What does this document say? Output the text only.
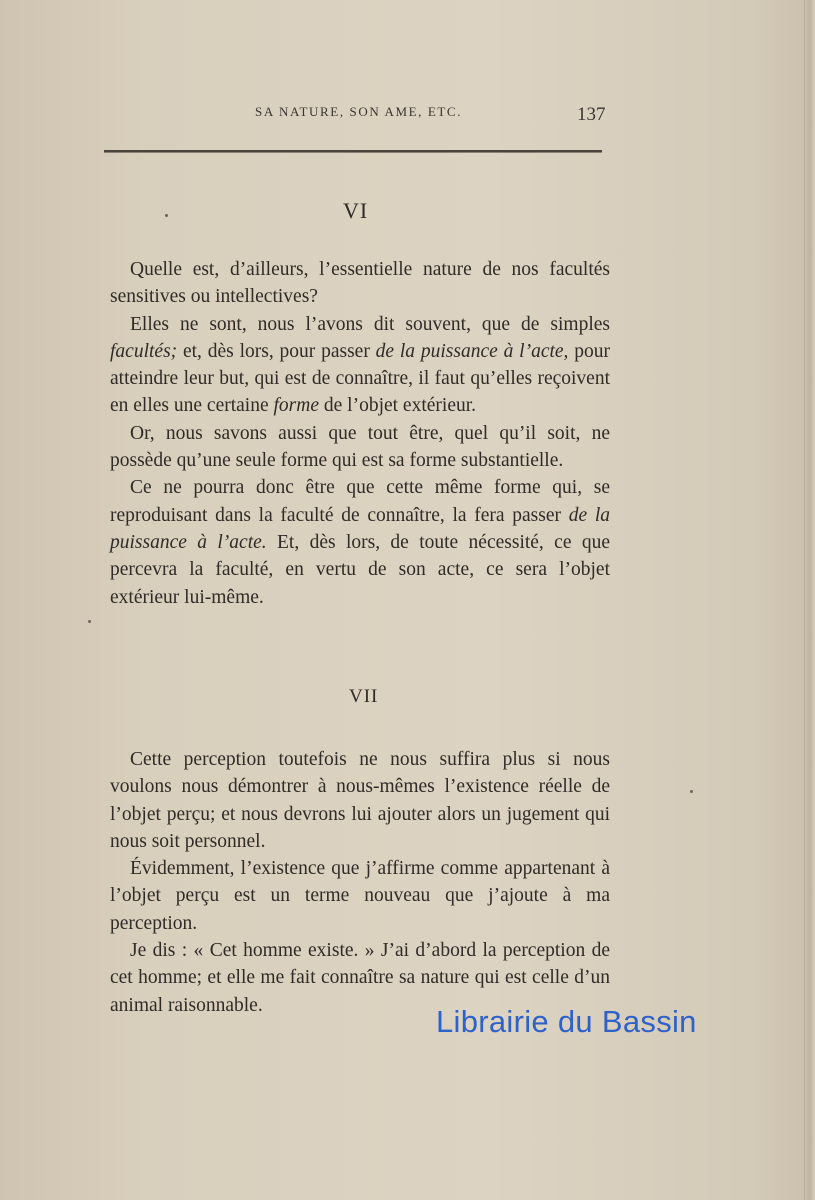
SA NATURE, SON AME, ETC.	137
VI

Quelle est, d’ailleurs, l’essentielle nature de nos facultés sensitives ou intellectives?

Elles ne sont, nous l’avons dit souvent, que de simples facultés; et, dès lors, pour passer de la puissance à l’acte, pour atteindre leur but, qui est de connaître, il faut qu’elles reçoivent en elles une certaine forme de l’objet extérieur.

Or, nous savons aussi que tout être, quel qu’il soit, ne possède qu’une seule forme qui est sa forme substantielle.

Ce ne pourra donc être que cette même forme qui, se reproduisant dans la faculté de connaître, la fera passer de la puissance à l’acte. Et, dès lors, de toute nécessité, ce que percevra la faculté, en vertu de son acte, ce sera l’objet extérieur lui-même.

VII

Cette perception toutefois ne nous suffira plus si nous voulons nous démontrer à nous-mêmes l’existence réelle de l’objet perçu; et nous devrons lui ajouter alors un jugement qui nous soit personnel.

Évidemment, l’existence que j’affirme comme appartenant à l’objet perçu est un terme nouveau que j’ajoute à ma perception.

Je dis : « Cet homme existe. » J’ai d’abord la perception de cet homme; et elle me fait connaître sa nature qui est celle d’un animal raisonnable.	Librairie du Bassin
